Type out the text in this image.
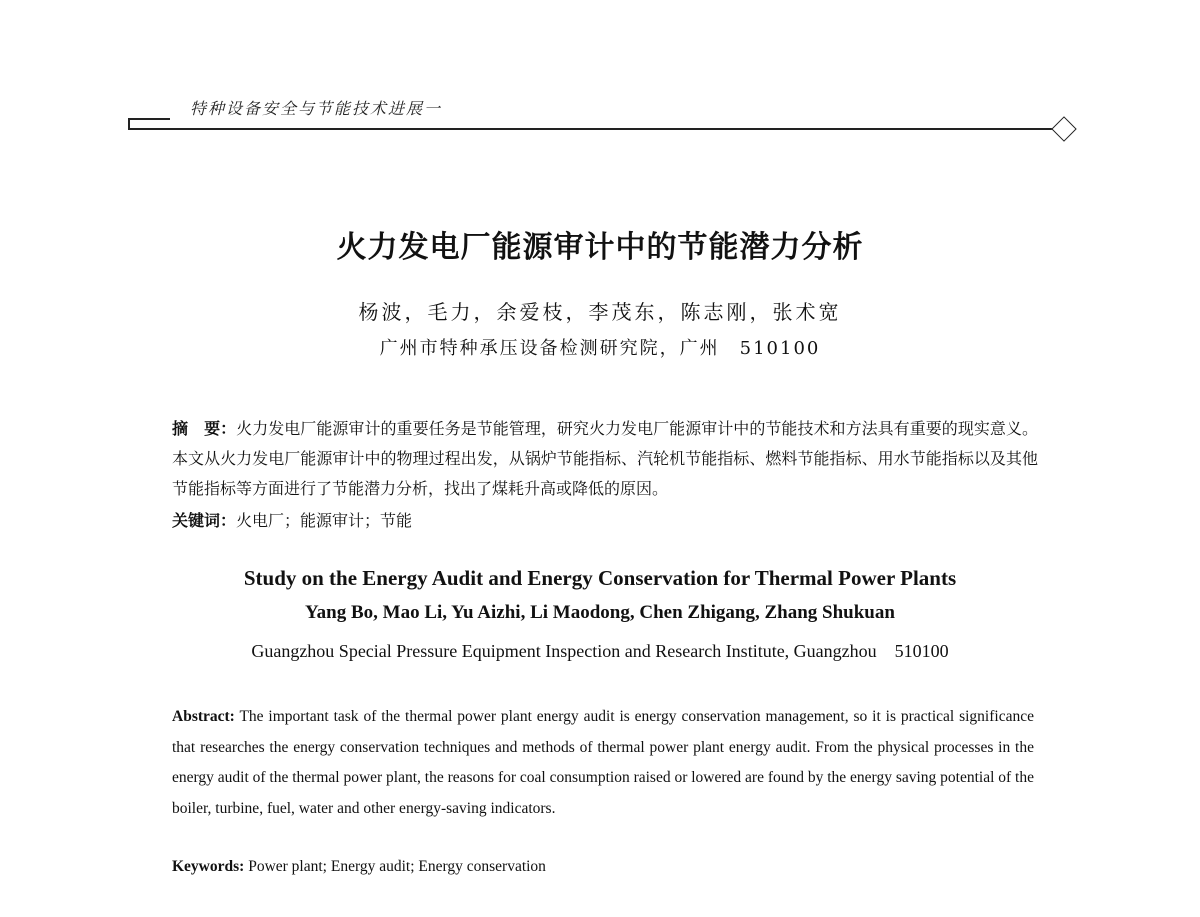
特种设备安全与节能技术进展一
火力发电厂能源审计中的节能潜力分析
杨波，毛力，余爱枝，李茂东，陈志刚，张术宽
广州市特种承压设备检测研究院，广州　510100
摘　要：火力发电厂能源审计的重要任务是节能管理，研究火力发电厂能源审计中的节能技术和方法具有重要的现实意义。本文从火力发电厂能源审计中的物理过程出发，从锅炉节能指标、汽轮机节能指标、燃料节能指标、用水节能指标以及其他节能指标等方面进行了节能潜力分析，找出了煤耗升高或降低的原因。
关键词：火电厂；能源审计；节能
Study on the Energy Audit and Energy Conservation for Thermal Power Plants
Yang Bo, Mao Li, Yu Aizhi, Li Maodong, Chen Zhigang, Zhang Shukuan
Guangzhou Special Pressure Equipment Inspection and Research Institute, Guangzhou　510100
Abstract: The important task of the thermal power plant energy audit is energy conservation management, so it is practical significance that researches the energy conservation techniques and methods of thermal power plant energy audit. From the physical processes in the energy audit of the thermal power plant, the reasons for coal consumption raised or lowered are found by the energy saving potential of the boiler, turbine, fuel, water and other energy-saving indicators.
Keywords: Power plant; Energy audit; Energy conservation
